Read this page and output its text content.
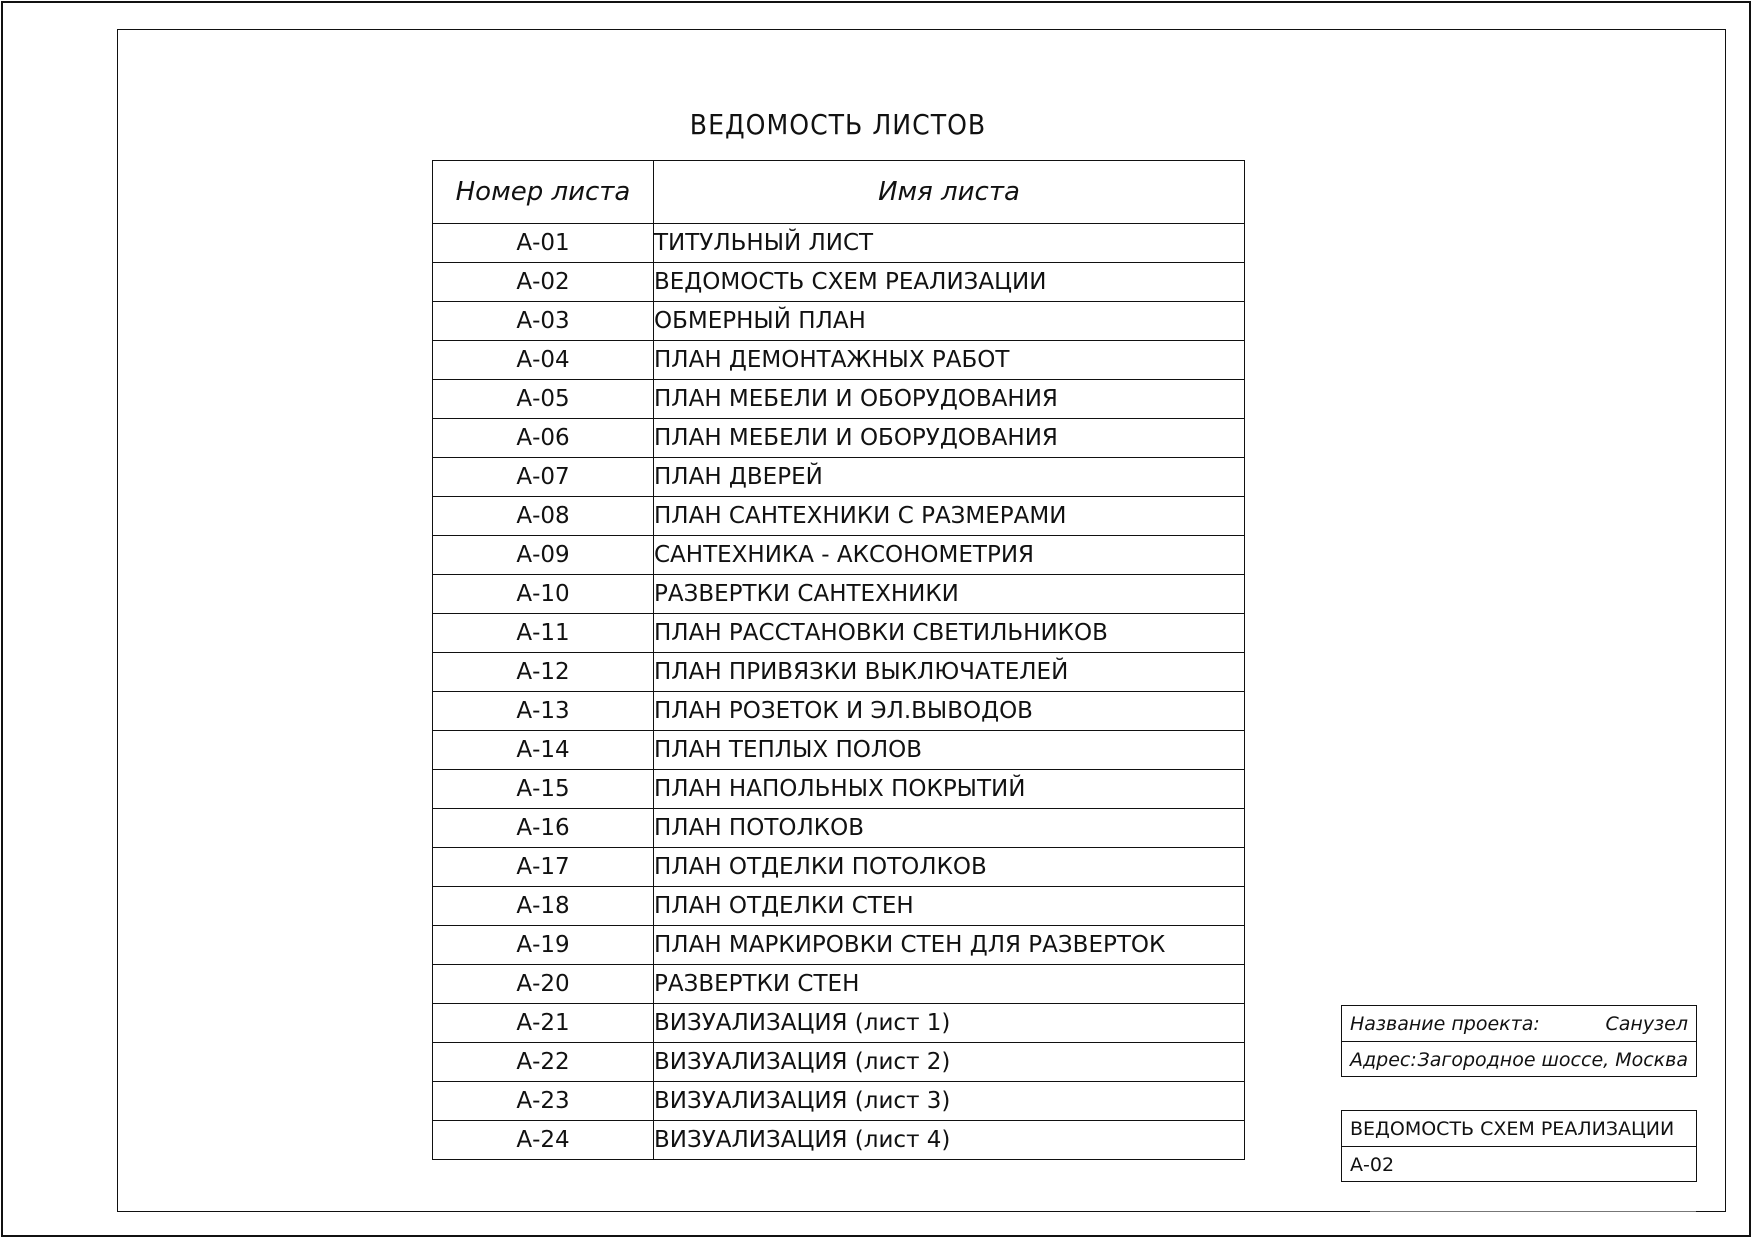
ВЕДОМОСТЬ ЛИСТОВ
Номер листа	Имя листа
А-01	ТИТУЛЬНЫЙ ЛИСТ
А-02	ВЕДОМОСТЬ СХЕМ РЕАЛИЗАЦИИ
А-03	ОБМЕРНЫЙ ПЛАН
А-04	ПЛАН ДЕМОНТАЖНЫХ РАБОТ
А-05	ПЛАН МЕБЕЛИ И ОБОРУДОВАНИЯ
А-06	ПЛАН МЕБЕЛИ И ОБОРУДОВАНИЯ
А-07	ПЛАН ДВЕРЕЙ
А-08	ПЛАН САНТЕХНИКИ С РАЗМЕРАМИ
А-09	САНТЕХНИКА - АКСОНОМЕТРИЯ
А-10	РАЗВЕРТКИ САНТЕХНИКИ
А-11	ПЛАН РАССТАНОВКИ СВЕТИЛЬНИКОВ
А-12	ПЛАН ПРИВЯЗКИ ВЫКЛЮЧАТЕЛЕЙ
А-13	ПЛАН РОЗЕТОК И ЭЛ.ВЫВОДОВ
А-14	ПЛАН ТЕПЛЫХ ПОЛОВ
А-15	ПЛАН НАПОЛЬНЫХ ПОКРЫТИЙ
А-16	ПЛАН ПОТОЛКОВ
А-17	ПЛАН ОТДЕЛКИ ПОТОЛКОВ
А-18	ПЛАН ОТДЕЛКИ СТЕН
А-19	ПЛАН МАРКИРОВКИ СТЕН ДЛЯ РАЗВЕРТОК
А-20	РАЗВЕРТКИ СТЕН
А-21	ВИЗУАЛИЗАЦИЯ (лист 1)
А-22	ВИЗУАЛИЗАЦИЯ (лист 2)
А-23	ВИЗУАЛИЗАЦИЯ (лист 3)
А-24	ВИЗУАЛИЗАЦИЯ (лист 4)
Название проекта:	Санузел
Адрес: Загородное шоссе, Москва
ВЕДОМОСТЬ СХЕМ РЕАЛИЗАЦИИ
А-02
